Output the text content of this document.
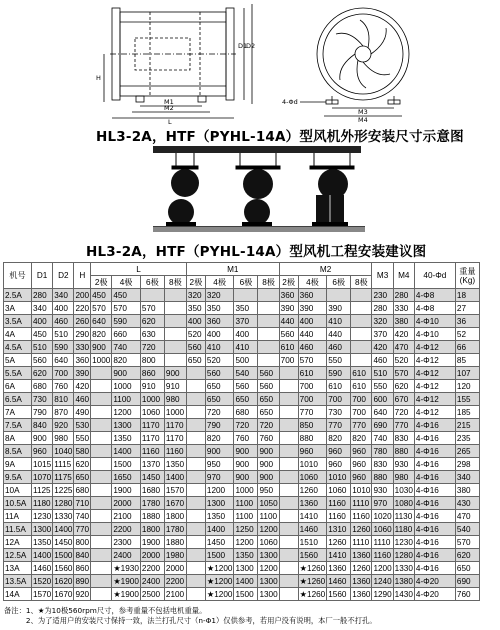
D1
D2
H
M1
M2
L
4-Φd
M3
M4
HL3-2A，HTF（PYHL-14A）型风机外形安装尺寸示意图
HL3-2A，HTF（PYHL-14A）型风机工程安装建议图
机号	D1	D2	H	L				M1				M2				M3	M4	40-Φd	重量(Kg)
				2极	4极	6极	8极	2极	4极	6极	8极	2极	4极	6极	8极				
2.5A	280	340	200	450	450			320	320			360	360			230	280	4-Φ8	18
3A	340	400	220	570	570	570		350	350	350		390	390	390		280	330	4-Φ8	27
3.5A	400	460	260	640	590	620		400	360	370		440	400	410		320	380	4-Φ10	36
4A	450	510	290	820	660	630		520	400	400		560	440	440		370	420	4-Φ10	52
4.5A	510	590	330	900	740	720		560	410	410		610	460	460		420	470	4-Φ12	66
5A	560	640	360	1000	820	800		650	520	500		700	570	550		460	520	4-Φ12	85
5.5A	620	700	390		900	860	900		560	540	560		610	590	610	510	570	4-Φ12	107
6A	680	760	420		1000	910	910		650	560	560		700	610	610	550	620	4-Φ12	120
6.5A	730	810	460		1100	1000	980		650	650	650		700	700	700	600	670	4-Φ12	155
7A	790	870	490		1200	1060	1000		720	680	650		770	730	700	640	720	4-Φ12	185
7.5A	840	920	530		1300	1170	1170		790	720	720		850	770	770	690	770	4-Φ16	215
8A	900	980	550		1350	1170	1170		820	760	760		880	820	820	740	830	4-Φ16	235
8.5A	960	1040	580		1400	1160	1160		900	900	900		960	960	960	780	880	4-Φ16	265
9A	1015	1115	620		1500	1370	1350		950	900	900		1010	960	960	830	930	4-Φ16	298
9.5A	1070	1175	650		1650	1450	1400		970	900	900		1060	1010	960	880	980	4-Φ16	340
10A	1125	1225	680		1900	1680	1570		1200	1000	950		1260	1060	1010	930	1030	4-Φ16	380
10.5A	1180	1280	710		2000	1780	1670		1300	1100	1050		1360	1160	1110	970	1080	4-Φ16	430
11A	1230	1330	740		2100	1880	1800		1350	1100	1100		1410	1160	1160	1020	1130	4-Φ16	470
11.5A	1300	1400	770		2200	1800	1780		1400	1250	1200		1460	1310	1260	1060	1180	4-Φ16	540
12A	1350	1450	800		2300	1900	1880		1450	1200	1060		1510	1260	1110	1110	1230	4-Φ16	570
12.5A	1400	1500	840		2400	2000	1980		1500	1350	1300		1560	1410	1360	1160	1280	4-Φ16	620
13A	1460	1560	860		★1930	2200	2000		★1200	1300	1200		★1260	1360	1260	1200	1330	4-Φ16	650
13.5A	1520	1620	890		★1900	2400	2200		★1200	1400	1300		★1260	1460	1360	1240	1380	4-Φ20	690
14A	1570	1670	920		★1900	2500	2100		★1200	1500	1300		★1260	1560	1360	1290	1430	4-Φ20	760
备注：1、★为10极560rpm尺寸，参考重量不包括电机重量。
　　　2、为了适用户的安装尺寸保持一致，法兰打孔尺寸（n-Φ1）仅供参考，若用户没有说明，本厂一般不打孔。
